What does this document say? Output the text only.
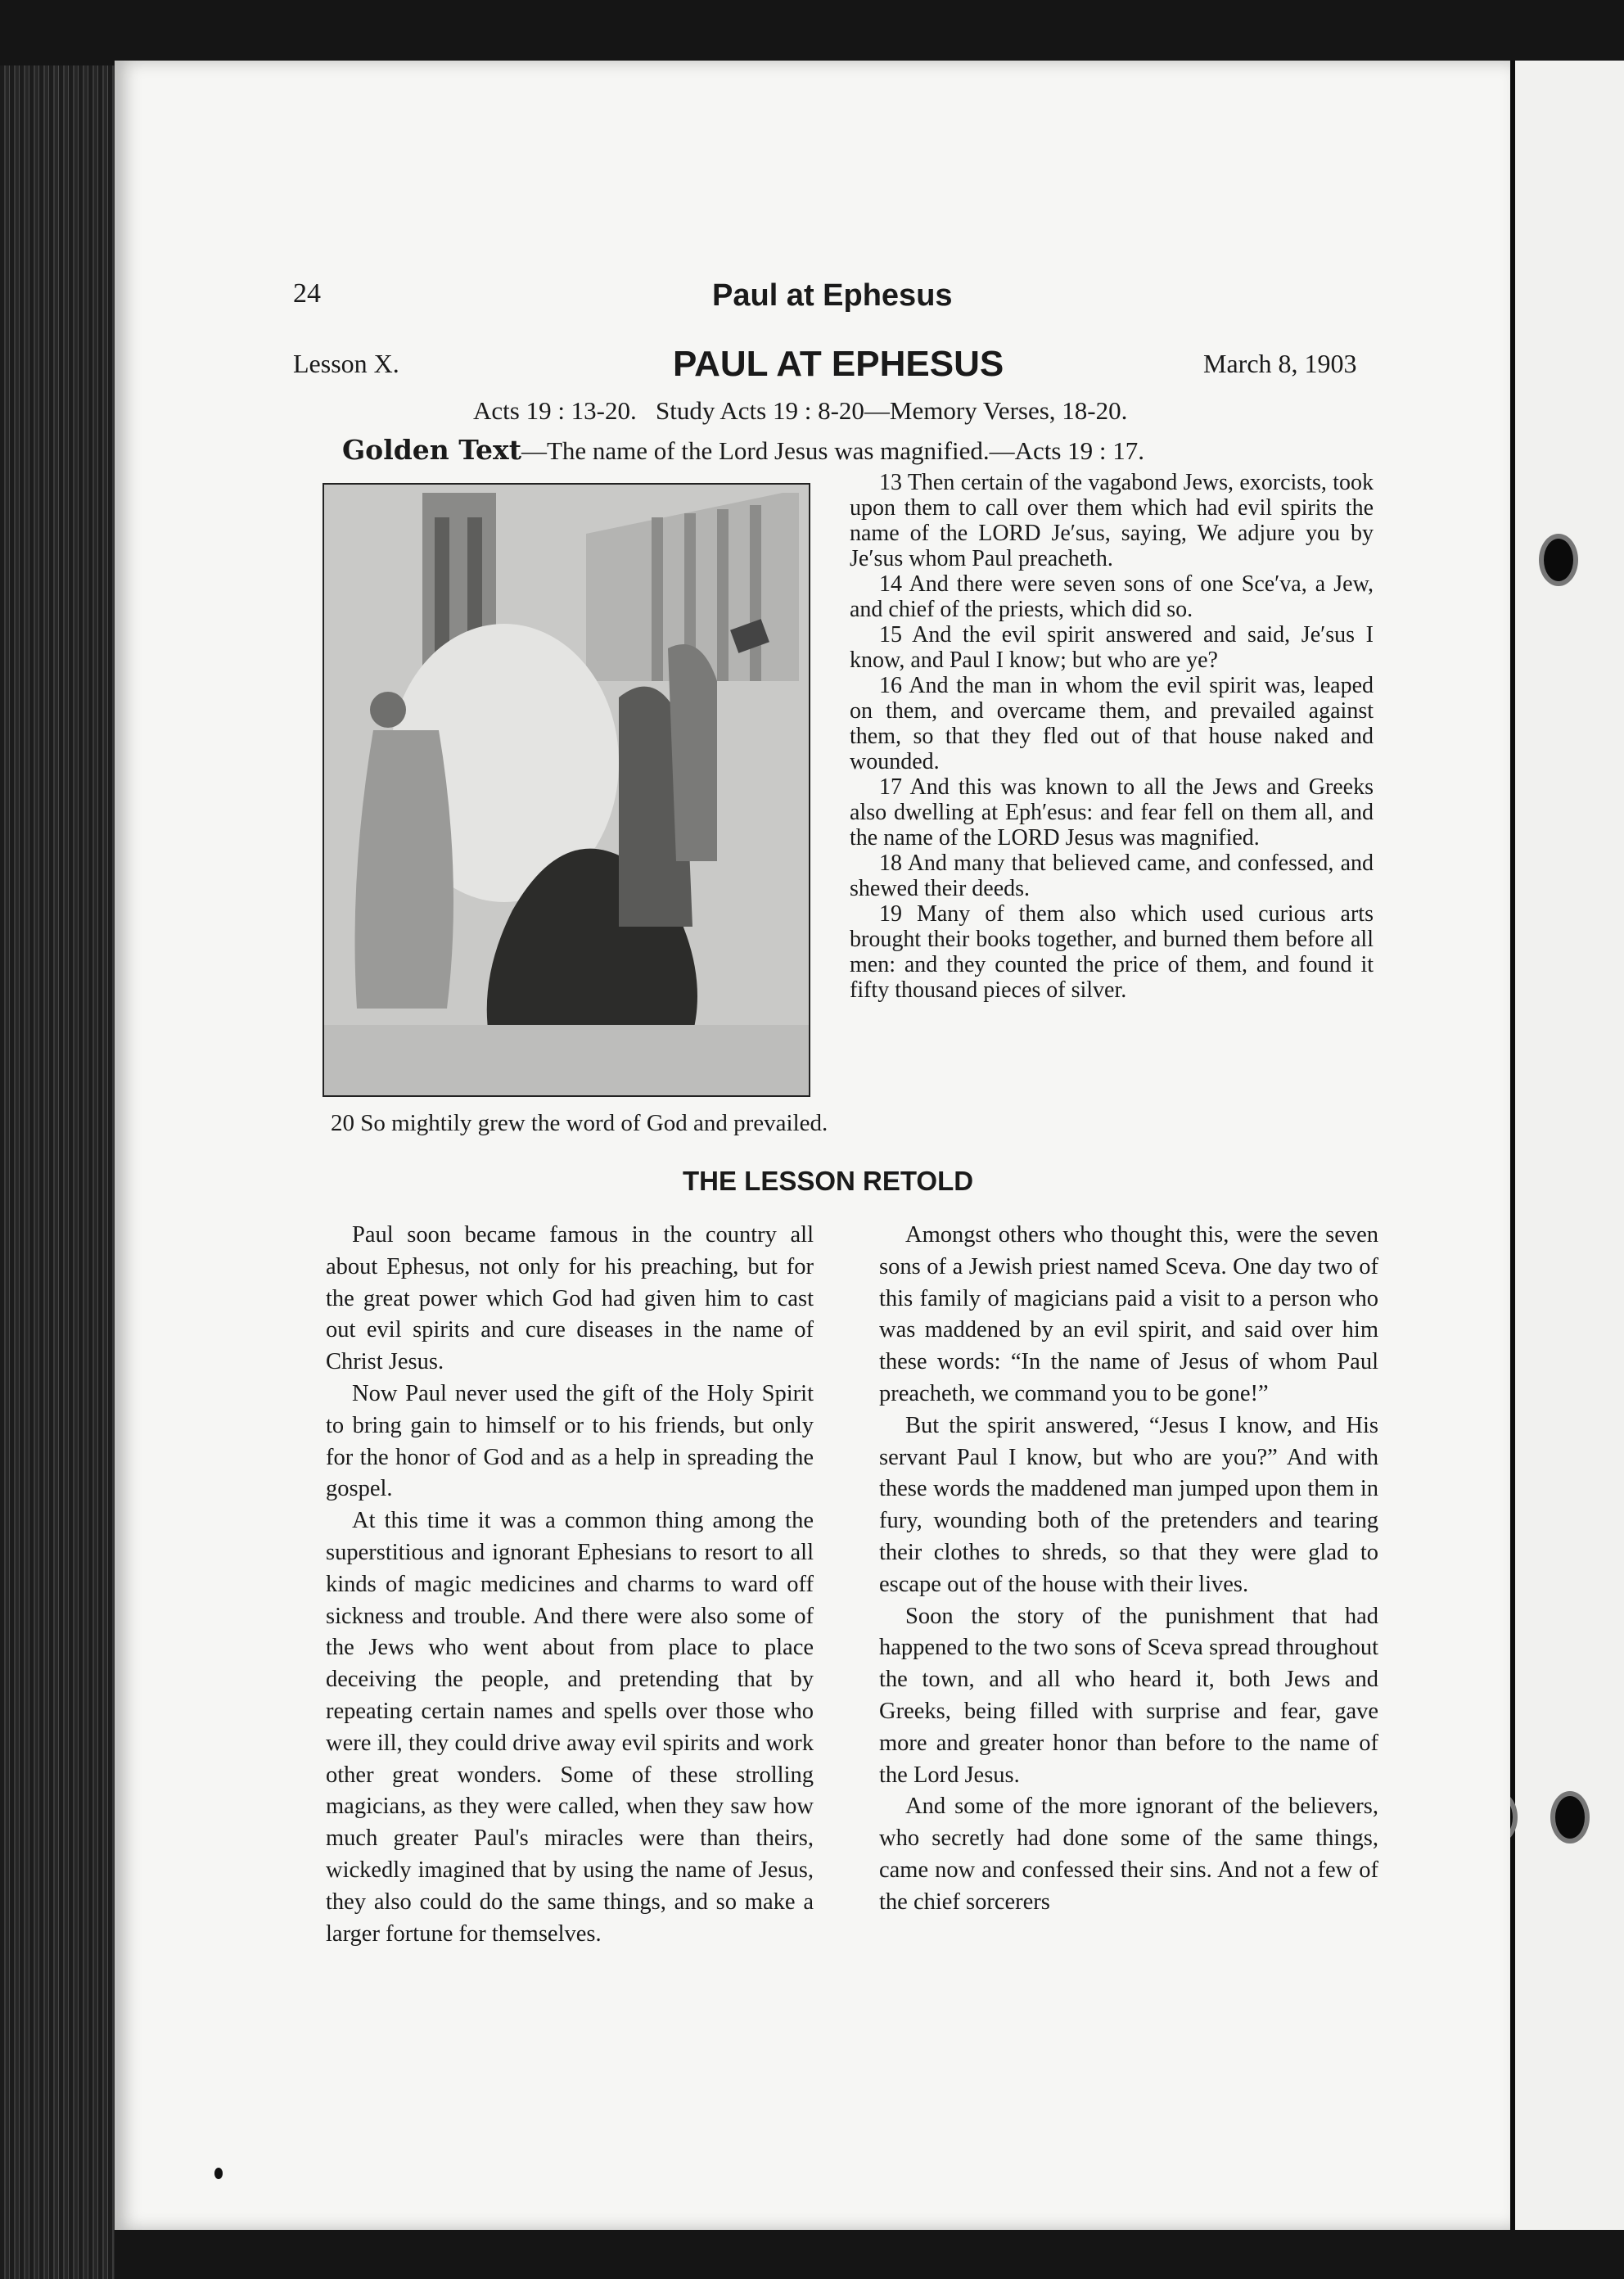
24	Paul at Ephesus
Lesson X.	PAUL AT EPHESUS	March 8, 1903
Acts 19 : 13-20.   Study Acts 19 : 8-20—Memory Verses, 18-20.
Golden Text—The name of the Lord Jesus was magnified.—Acts 19 : 17.

13 Then certain of the vagabond Jews, exorcists, took upon them to call over them which had evil spirits the name of the LORD Je′sus, saying, We adjure you by Je′sus whom Paul preacheth.

14 And there were seven sons of one Sce′va, a Jew, and chief of the priests, which did so.

15 And the evil spirit answered and said, Je′sus I know, and Paul I know; but who are ye?

16 And the man in whom the evil spirit was, leaped on them, and overcame them, and prevailed against them, so that they fled out of that house naked and wounded.

17 And this was known to all the Jews and Greeks also dwelling at Eph′esus: and fear fell on them all, and the name of the LORD Jesus was magnified.

18 And many that believed came, and confessed, and shewed their deeds.

19 Many of them also which used curious arts brought their books together, and burned them before all men: and they counted the price of them, and found it fifty thousand pieces of silver.

20 So mightily grew the word of God and prevailed.
THE LESSON RETOLD

Paul soon became famous in the country all about Ephesus, not only for his preaching, but for the great power which God had given him to cast out evil spirits and cure diseases in the name of Christ Jesus.

Now Paul never used the gift of the Holy Spirit to bring gain to himself or to his friends, but only for the honor of God and as a help in spreading the gospel.

At this time it was a common thing among the superstitious and ignorant Ephesians to resort to all kinds of magic medicines and charms to ward off sickness and trouble. And there were also some of the Jews who went about from place to place deceiving the people, and pretending that by repeating certain names and spells over those who were ill, they could drive away evil spirits and work other great wonders. Some of these strolling magicians, as they were called, when they saw how much greater Paul's miracles were than theirs, wickedly imagined that by using the name of Jesus, they also could do the same things, and so make a larger fortune for themselves.

Amongst others who thought this, were the seven sons of a Jewish priest named Sceva. One day two of this family of magicians paid a visit to a person who was maddened by an evil spirit, and said over him these words: “In the name of Jesus of whom Paul preacheth, we command you to be gone!”

But the spirit answered, “Jesus I know, and His servant Paul I know, but who are you?” And with these words the maddened man jumped upon them in fury, wounding both of the pretenders and tearing their clothes to shreds, so that they were glad to escape out of the house with their lives.

Soon the story of the punishment that had happened to the two sons of Sceva spread throughout the town, and all who heard it, both Jews and Greeks, being filled with surprise and fear, gave more and greater honor than before to the name of the Lord Jesus.

And some of the more ignorant of the believers, who secretly had done some of the same things, came now and confessed their sins. And not a few of the chief sorcerers
